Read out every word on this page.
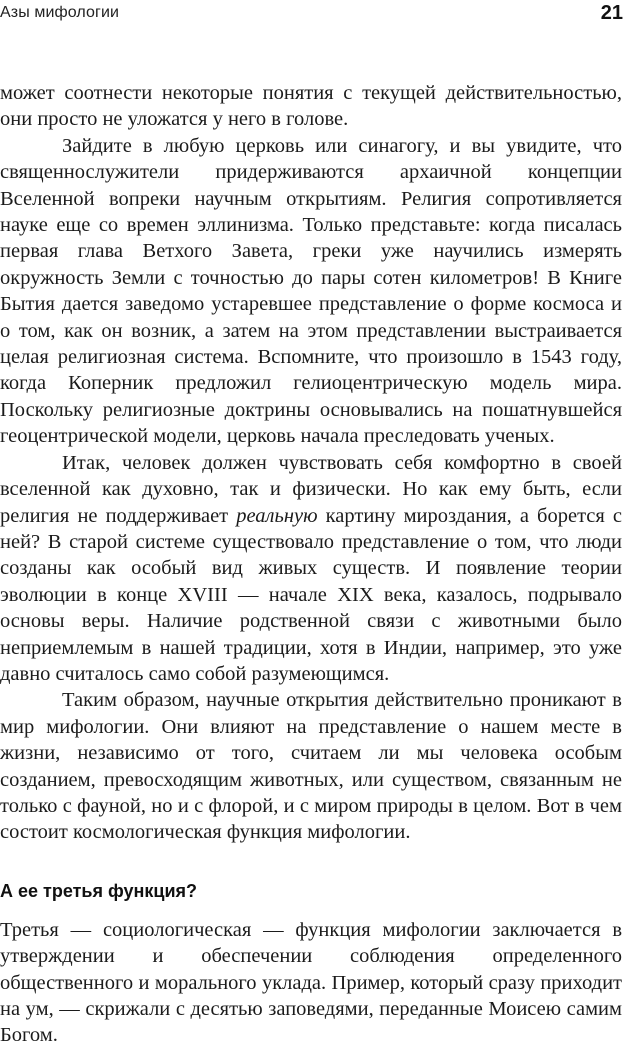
Азы мифологии	21

может соотнести некоторые понятия с текущей действительностью, они просто не уложатся у него в голове.

Зайдите в любую церковь или синагогу, и вы увидите, что священнослужители придерживаются архаичной концепции Вселенной вопреки научным открытиям. Религия сопротивляется науке еще со времен эллинизма. Только представьте: когда писалась первая глава Ветхого Завета, греки уже научились измерять окружность Земли с точностью до пары сотен километров! В Книге Бытия дается заведомо устаревшее представление о форме космоса и о том, как он возник, а затем на этом представлении выстраивается целая религиозная система. Вспомните, что произошло в 1543 году, когда Коперник предложил гелиоцентрическую модель мира. Поскольку религиозные доктрины основывались на пошатнувшейся геоцентрической модели, церковь начала преследовать ученых.

Итак, человек должен чувствовать себя комфортно в своей вселенной как духовно, так и физически. Но как ему быть, если религия не поддерживает реальную картину мироздания, а борется с ней? В старой системе существовало представление о том, что люди созданы как особый вид живых существ. И появление теории эволюции в конце XVIII — начале XIX века, казалось, подрывало основы веры. Наличие родственной связи с животными было неприемлемым в нашей традиции, хотя в Индии, например, это уже давно считалось само собой разумеющимся.

Таким образом, научные открытия действительно проникают в мир мифологии. Они влияют на представление о нашем месте в жизни, независимо от того, считаем ли мы человека особым созданием, превосходящим животных, или существом, связанным не только с фауной, но и с флорой, и с миром природы в целом. Вот в чем состоит космологическая функция мифологии.

А ее третья функция?

Третья — социологическая — функция мифологии заключается в утверждении и обеспечении соблюдения определенного общественного и морального уклада. Пример, который сразу приходит на ум, — скрижали с десятью заповедями, переданные Моисею самим Богом.
